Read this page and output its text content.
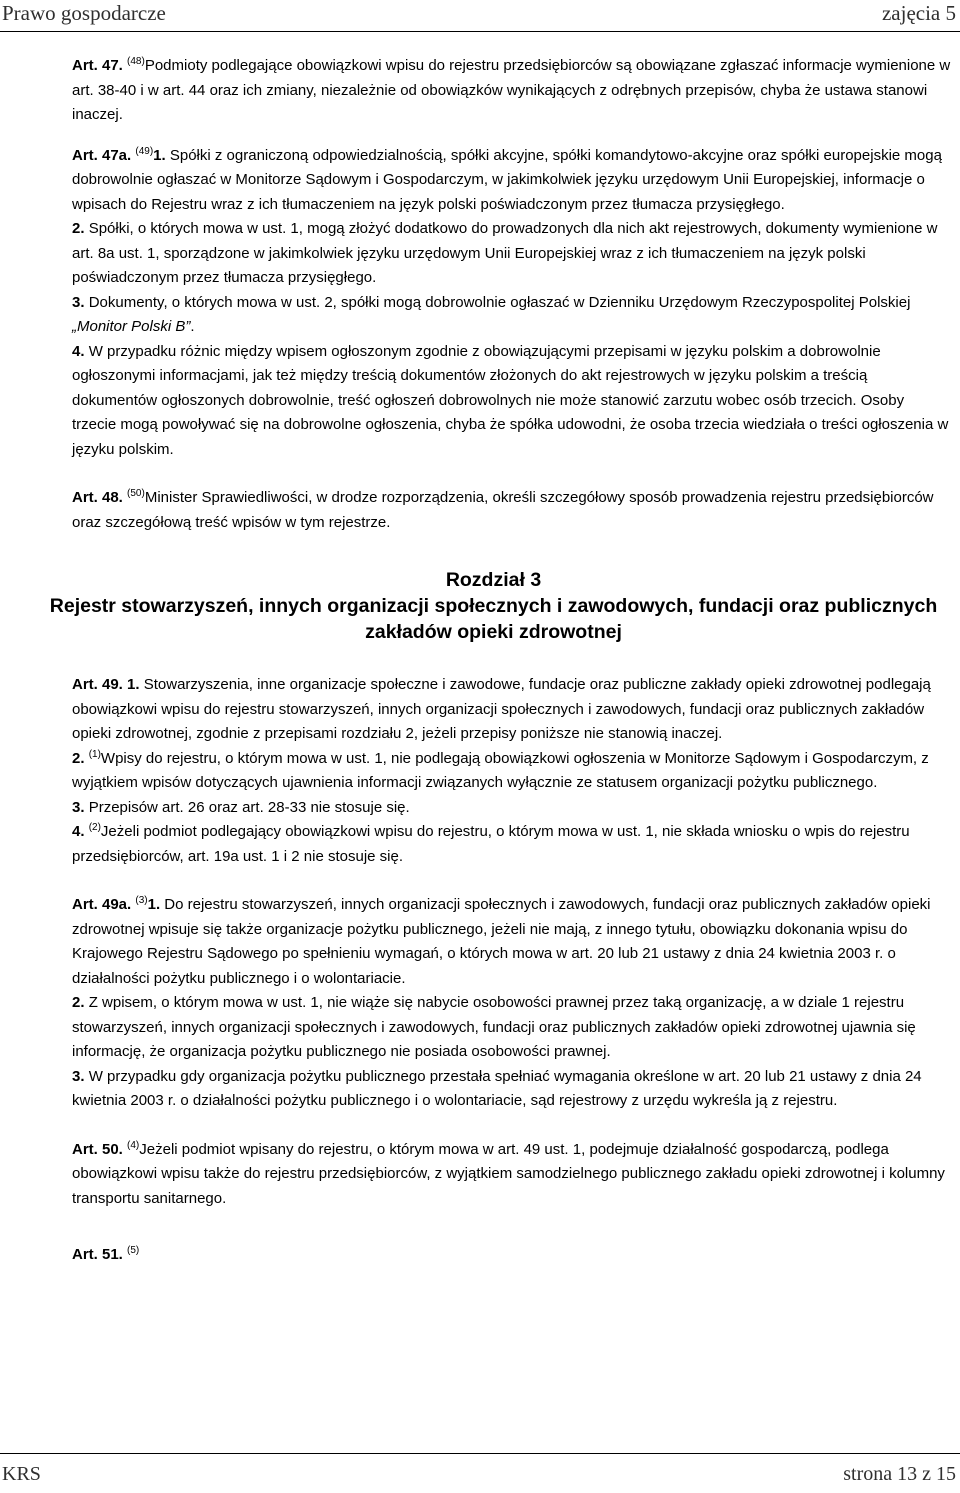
Prawo gospodarcze	zajęcia 5

Art. 47. $^{(48)}$Podmioty podlegające obowiązkowi wpisu do rejestru przedsiębiorców są obowiązane zgłaszać informacje wymienione w art. 38-40 i w art. 44 oraz ich zmiany, niezależnie od obowiązków wynikających z odrębnych przepisów, chyba że ustawa stanowi inaczej.

Art. 47a. $^{(49)}$1. Spółki z ograniczoną odpowiedzialnością, spółki akcyjne, spółki komandytowo-akcyjne oraz spółki europejskie mogą dobrowolnie ogłaszać w Monitorze Sądowym i Gospodarczym, w jakimkolwiek języku urzędowym Unii Europejskiej, informacje o wpisach do Rejestru wraz z ich tłumaczeniem na język polski poświadczonym przez tłumacza przysięgłego.

2. Spółki, o których mowa w ust. 1, mogą złożyć dodatkowo do prowadzonych dla nich akt rejestrowych, dokumenty wymienione w art. 8a ust. 1, sporządzone w jakimkolwiek języku urzędowym Unii Europejskiej wraz z ich tłumaczeniem na język polski poświadczonym przez tłumacza przysięgłego.

3. Dokumenty, o których mowa w ust. 2, spółki mogą dobrowolnie ogłaszać w Dzienniku Urzędowym Rzeczypospolitej Polskiej „Monitor Polski B”.

4. W przypadku różnic między wpisem ogłoszonym zgodnie z obowiązującymi przepisami w języku polskim a dobrowolnie ogłoszonymi informacjami, jak też między treścią dokumentów złożonych do akt rejestrowych w języku polskim a treścią dokumentów ogłoszonych dobrowolnie, treść ogłoszeń dobrowolnych nie może stanowić zarzutu wobec osób trzecich. Osoby trzecie mogą powoływać się na dobrowolne ogłoszenia, chyba że spółka udowodni, że osoba trzecia wiedziała o treści ogłoszenia w języku polskim.

Art. 48. $^{(50)}$Minister Sprawiedliwości, w drodze rozporządzenia, określi szczegółowy sposób prowadzenia rejestru przedsiębiorców oraz szczegółową treść wpisów w tym rejestrze.

Rozdział 3

Rejestr stowarzyszeń, innych organizacji społecznych i zawodowych, fundacji oraz publicznych zakładów opieki zdrowotnej

Art. 49. 1. Stowarzyszenia, inne organizacje społeczne i zawodowe, fundacje oraz publiczne zakłady opieki zdrowotnej podlegają obowiązkowi wpisu do rejestru stowarzyszeń, innych organizacji społecznych i zawodowych, fundacji oraz publicznych zakładów opieki zdrowotnej, zgodnie z przepisami rozdziału 2, jeżeli przepisy poniższe nie stanowią inaczej.

2. $^{(1)}$Wpisy do rejestru, o którym mowa w ust. 1, nie podlegają obowiązkowi ogłoszenia w Monitorze Sądowym i Gospodarczym, z wyjątkiem wpisów dotyczących ujawnienia informacji związanych wyłącznie ze statusem organizacji pożytku publicznego.

3. Przepisów art. 26 oraz art. 28-33 nie stosuje się.

4. $^{(2)}$Jeżeli podmiot podlegający obowiązkowi wpisu do rejestru, o którym mowa w ust. 1, nie składa wniosku o wpis do rejestru przedsiębiorców, art. 19a ust. 1 i 2 nie stosuje się.

Art. 49a. $^{(3)}$1. Do rejestru stowarzyszeń, innych organizacji społecznych i zawodowych, fundacji oraz publicznych zakładów opieki zdrowotnej wpisuje się także organizacje pożytku publicznego, jeżeli nie mają, z innego tytułu, obowiązku dokonania wpisu do Krajowego Rejestru Sądowego po spełnieniu wymagań, o których mowa w art. 20 lub 21 ustawy z dnia 24 kwietnia 2003 r. o działalności pożytku publicznego i o wolontariacie.

2. Z wpisem, o którym mowa w ust. 1, nie wiąże się nabycie osobowości prawnej przez taką organizację, a w dziale 1 rejestru stowarzyszeń, innych organizacji społecznych i zawodowych, fundacji oraz publicznych zakładów opieki zdrowotnej ujawnia się informację, że organizacja pożytku publicznego nie posiada osobowości prawnej.

3. W przypadku gdy organizacja pożytku publicznego przestała spełniać wymagania określone w art. 20 lub 21 ustawy z dnia 24 kwietnia 2003 r. o działalności pożytku publicznego i o wolontariacie, sąd rejestrowy z urzędu wykreśla ją z rejestru.

Art. 50. $^{(4)}$Jeżeli podmiot wpisany do rejestru, o którym mowa w art. 49 ust. 1, podejmuje działalność gospodarczą, podlega obowiązkowi wpisu także do rejestru przedsiębiorców, z wyjątkiem samodzielnego publicznego zakładu opieki zdrowotnej i kolumny transportu sanitarnego.

Art. 51. $^{(5)}$

KRS	strona 13 z 15
